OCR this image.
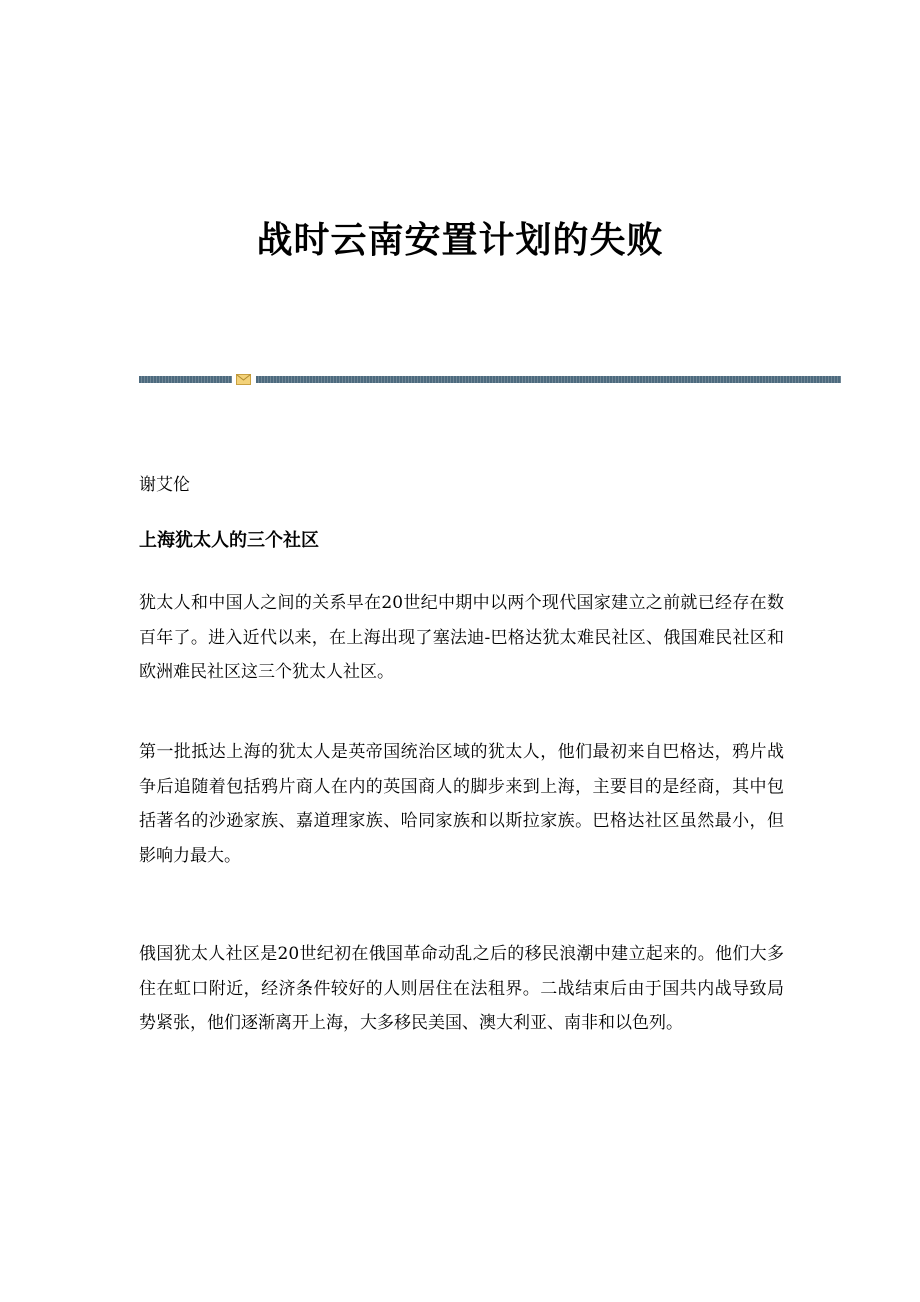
战时云南安置计划的失败

谢艾伦

上海犹太人的三个社区

犹太人和中国人之间的关系早在20世纪中期中以两个现代国家建立之前就已经存在数百年了。进入近代以来，在上海出现了塞法迪-巴格达犹太难民社区、俄国难民社区和欧洲难民社区这三个犹太人社区。

第一批抵达上海的犹太人是英帝国统治区域的犹太人，他们最初来自巴格达，鸦片战争后追随着包括鸦片商人在内的英国商人的脚步来到上海，主要目的是经商，其中包括著名的沙逊家族、嘉道理家族、哈同家族和以斯拉家族。巴格达社区虽然最小，但影响力最大。

俄国犹太人社区是20世纪初在俄国革命动乱之后的移民浪潮中建立起来的。他们大多住在虹口附近，经济条件较好的人则居住在法租界。二战结束后由于国共内战导致局势紧张，他们逐渐离开上海，大多移民美国、澳大利亚、南非和以色列。
